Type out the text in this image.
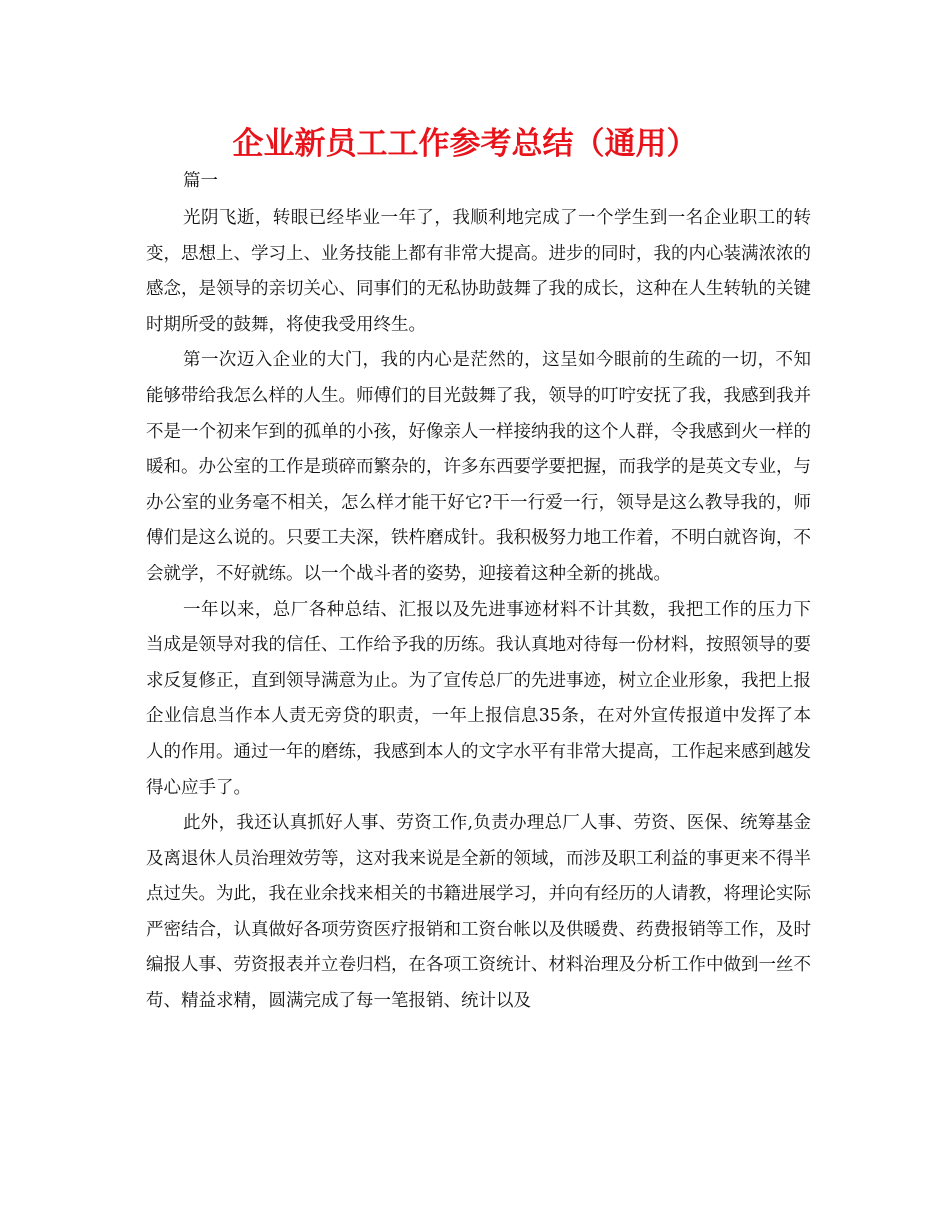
企业新员工工作参考总结（通用）

篇一

光阴飞逝，转眼已经毕业一年了，我顺利地完成了一个学生到一名企业职工的转变，思想上、学习上、业务技能上都有非常大提高。进步的同时，我的内心装满浓浓的感念，是领导的亲切关心、同事们的无私协助鼓舞了我的成长，这种在人生转轨的关键时期所受的鼓舞，将使我受用终生。

第一次迈入企业的大门，我的内心是茫然的，这呈如今眼前的生疏的一切，不知能够带给我怎么样的人生。师傅们的目光鼓舞了我，领导的叮咛安抚了我，我感到我并不是一个初来乍到的孤单的小孩，好像亲人一样接纳我的这个人群，令我感到火一样的暖和。办公室的工作是琐碎而繁杂的，许多东西要学要把握，而我学的是英文专业，与办公室的业务毫不相关，怎么样才能干好它?干一行爱一行，领导是这么教导我的，师傅们是这么说的。只要工夫深，铁杵磨成针。我积极努力地工作着，不明白就咨询，不会就学，不好就练。以一个战斗者的姿势，迎接着这种全新的挑战。

一年以来，总厂各种总结、汇报以及先进事迹材料不计其数，我把工作的压力下当成是领导对我的信任、工作给予我的历练。我认真地对待每一份材料，按照领导的要求反复修正，直到领导满意为止。为了宣传总厂的先进事迹，树立企业形象，我把上报企业信息当作本人责无旁贷的职责，一年上报信息35条，在对外宣传报道中发挥了本人的作用。通过一年的磨练，我感到本人的文字水平有非常大提高，工作起来感到越发得心应手了。

此外，我还认真抓好人事、劳资工作,负责办理总厂人事、劳资、医保、统筹基金及离退休人员治理效劳等，这对我来说是全新的领域，而涉及职工利益的事更来不得半点过失。为此，我在业余找来相关的书籍进展学习，并向有经历的人请教，将理论实际严密结合，认真做好各项劳资医疗报销和工资台帐以及供暖费、药费报销等工作，及时编报人事、劳资报表并立卷归档，在各项工资统计、材料治理及分析工作中做到一丝不苟、精益求精，圆满完成了每一笔报销、统计以及
